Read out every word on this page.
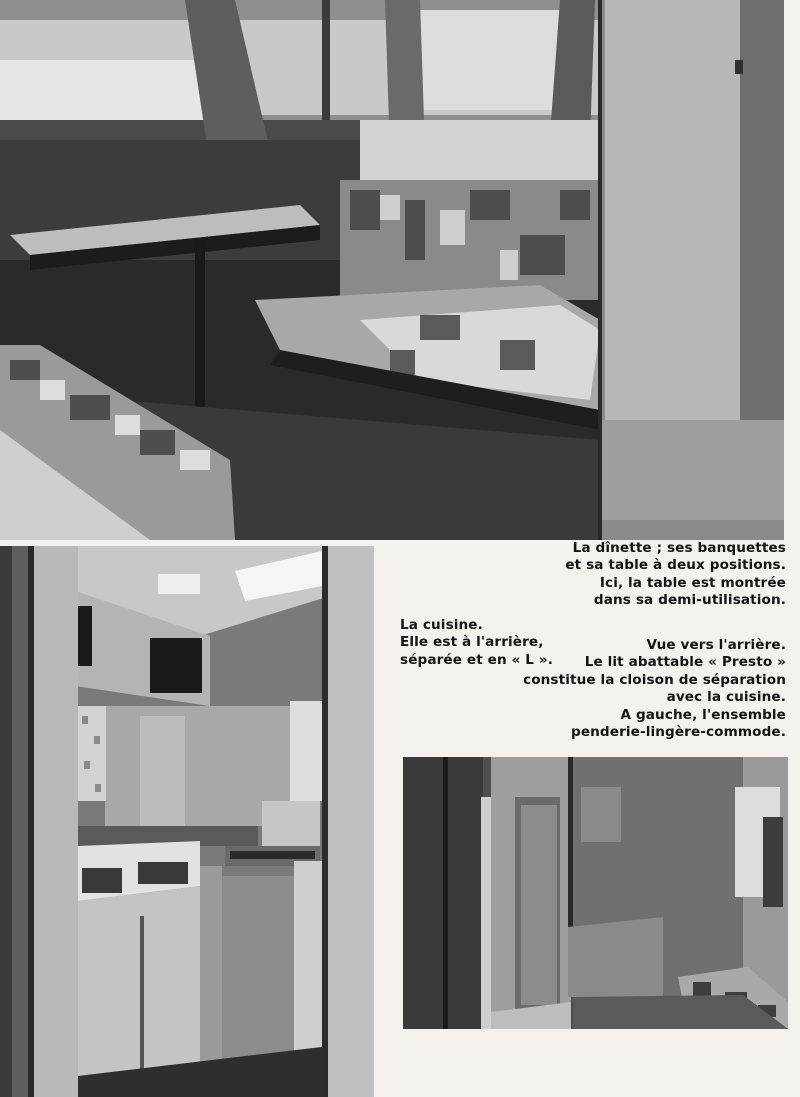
La dînette ; ses banquettes
et sa table à deux positions.
Ici, la table est montrée
dans sa demi-utilisation.
La cuisine.
Elle est à l'arrière,
séparée et en « L ».
Vue vers l'arrière.
Le lit abattable « Presto »
constitue la cloison de séparation
avec la cuisine.
A gauche, l'ensemble
penderie-lingère-commode.
